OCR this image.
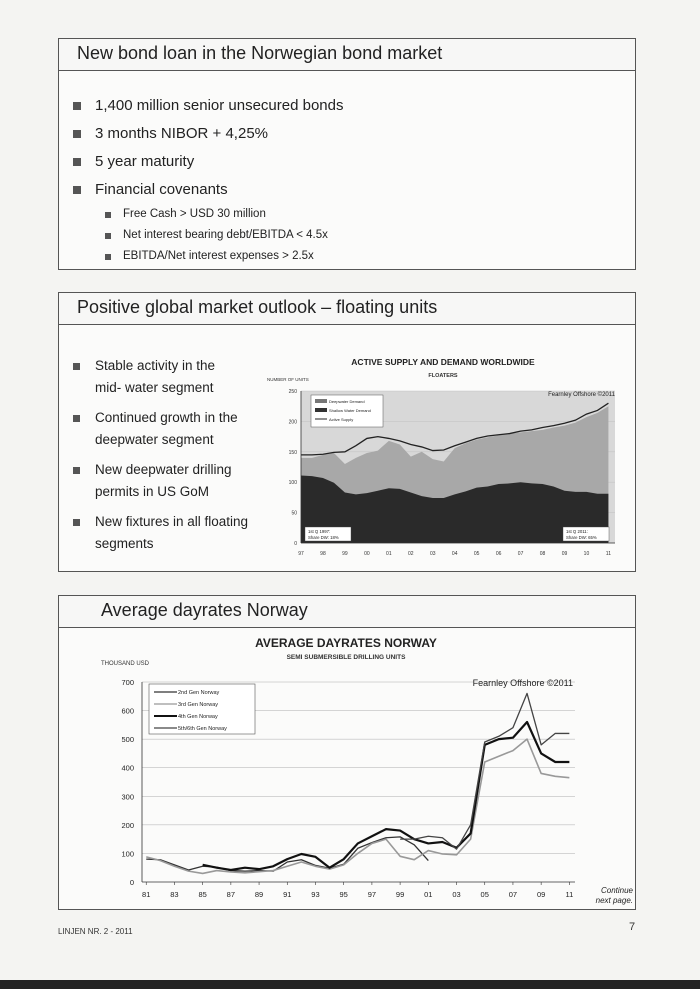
New bond loan in the Norwegian bond market
1,400 million senior unsecured bonds
3 months NIBOR + 4,25%
5 year maturity
Financial covenants
Free Cash > USD 30 million
Net interest bearing debt/EBITDA < 4.5x
EBITDA/Net interest expenses > 2.5x
Positive global market outlook – floating units
Stable activity in the
mid- water segment
Continued growth in the
deepwater segment
New deepwater drilling
permits in US GoM
New fixtures in all floating
segments
ACTIVE SUPPLY AND DEMAND WORLDWIDE
FLOATERS
NUMBER OF UNITS
0
50
100
150
200
250
97	98	99	00	01	02	03	04	05	06	07	08	09	10	11
Fearnley Offshore ©2011
Deepwater Demand
Shallow Water Demand
Active Supply
1st Q 1997:
Share DW: 18%
1st Q 2011:
Share DW: 65%
Average dayrates Norway
AVERAGE DAYRATES NORWAY
SEMI SUBMERSIBLE DRILLING UNITS
THOUSAND USD
0
100
200
300
400
500
600
700
81	83	85	87	89	91	93	95	97	99	01	03	05	07	09	11
Fearnley Offshore ©2011
2nd Gen Norway
3rd Gen Norway
4th Gen Norway
5th/6th Gen Norway
Continue
next page.
LINJEN NR. 2 - 2011	7
